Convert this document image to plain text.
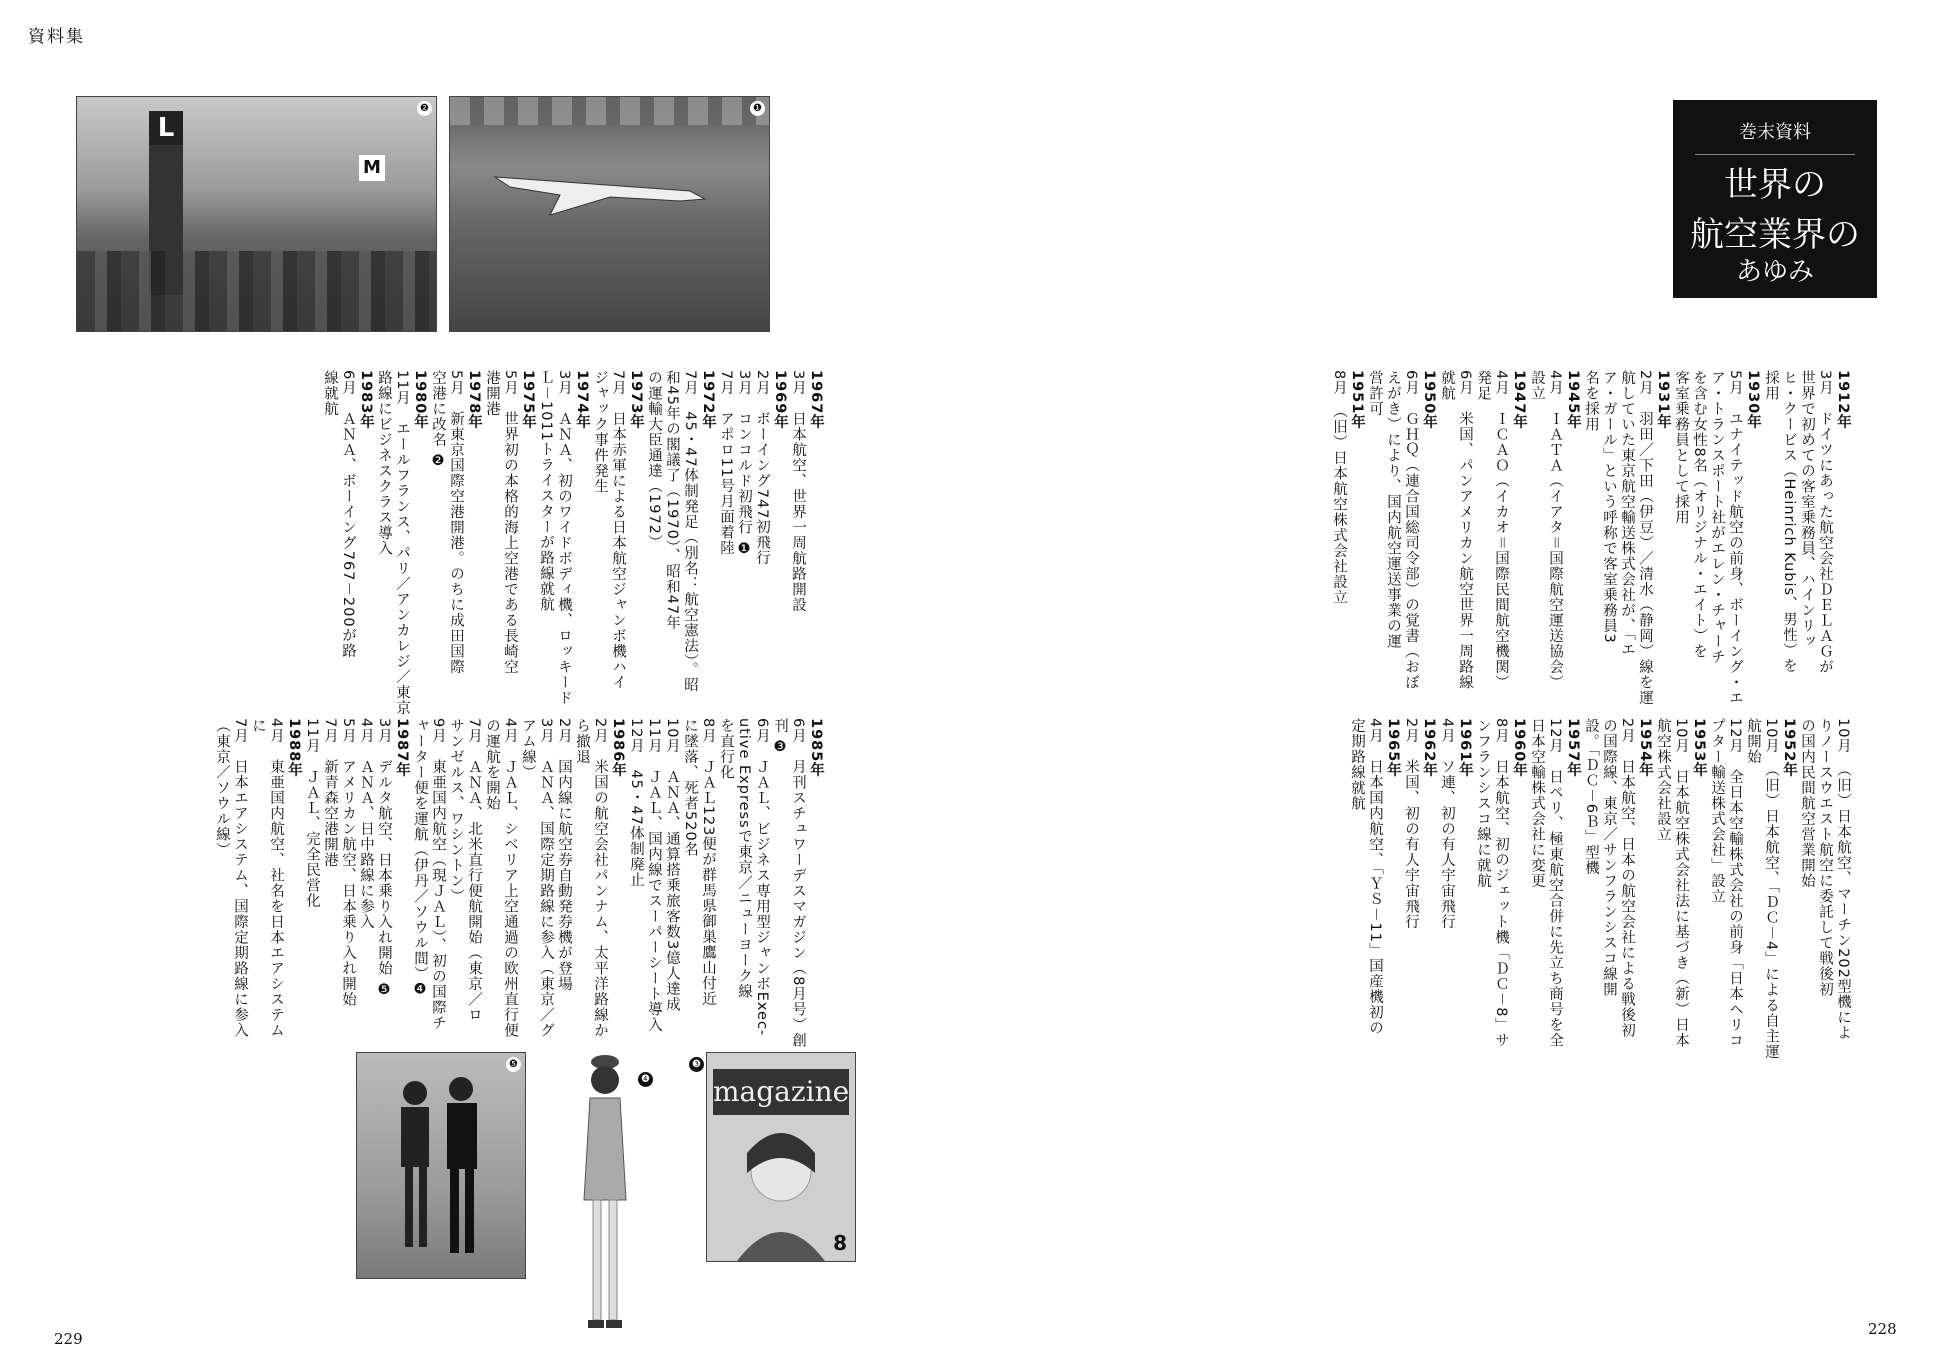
資料集
L
M
❷	❶
巻末資料
世界の
航空業界の
あゆみ

1912年
3月　ドイツにあった航空会社ＤＥＬＡＧが
世界で初めての客室乗務員、ハインリッ
ヒ・クービス（Heinrich Kubis、男性）を
採用
1930年
5月　ユナイテッド航空の前身、ボーイング・エ
ア・トランスポート社がエレン・チャーチ
を含む女性8名（オリジナル・エイト）を
客室乗務員として採用
1931年
2月　羽田／下田（伊豆）／清水（静岡）線を運
航していた東京航空輸送株式会社が、「エ
ア・ガール」という呼称で客室乗務員3
名を採用
1945年
4月　ＩＡＴＡ（イアタ＝国際航空運送協会）
設立
1947年
4月　ＩＣＡＯ（イカオ＝国際民間航空機関）
発足
6月　米国、パンアメリカン航空世界一周路線
就航
1950年
6月　ＧＨＱ（連合国総司令部）の覚書（おぼ
えがき）により、国内航空運送事業の運
営許可
1951年
8月　（旧）日本航空株式会社設立

10月　（旧）日本航空、マーチン202型機によ
りノースウエスト航空に委託して戦後初
の国内民間航空営業開始
1952年
10月　（旧）日本航空、「ＤＣ－4」による自主運
航開始
12月　全日本空輸株式会社の前身「日本ヘリコ
プター輸送株式会社」設立
1953年
10月　日本航空株式会社法に基づき（新）日本
航空株式会社設立
1954年
2月　日本航空、日本の航空会社による戦後初
の国際線、東京／サンフランシスコ線開
設。「ＤＣ－6Ｂ」型機
1957年
12月　日ペリ、極東航空合併に先立ち商号を全
日本空輸株式会社に変更
1960年
8月　日本航空、初のジェット機「ＤＣ－8」サ
ンフランシスコ線に就航
1961年
4月　ソ連、初の有人宇宙飛行
1962年
2月　米国、初の有人宇宙飛行
1965年
4月　日本国内航空、「ＹＳ－11」国産機初の
定期路線就航

1967年
3月　日本航空、世界一周航路開設
1969年
2月　ボーイング747初飛行
3月　コンコルド初飛行 ❶
7月　アポロ11号月面着陸
1972年
7月　45・47体制発足（別名：航空憲法）。昭
和45年の閣議了（1970）、昭和47年
の運輸大臣通達（1972）
1973年
7月　日本赤軍による日本航空ジャンボ機ハイ
ジャック事件発生
1974年
3月　ＡＮＡ、初のワイドボディ機、ロッキード
Ｌ－1011トライスターが路線就航
1975年
5月　世界初の本格的海上空港である長崎空
港開港
1978年
5月　新東京国際空港開港。のちに成田国際
空港に改名 ❷
1980年
11月　エールフランス、パリ／アンカレジ／東京
路線にビジネスクラス導入
1983年
6月　ＡＮＡ、ボーイング767－200が路
線就航

1985年
6月　月刊スチュワーデスマガジン（8月号）創
刊 ❸
6月　ＪＡＬ、ビジネス専用型ジャンボExec-
utive Expressで東京／ニューヨーク線
を直行化
8月　ＪＡＬ123便が群馬県御巣鷹山付近
に墜落、死者520名
10月　ＡＮＡ、通算搭乗旅客数3億人達成
11月　ＪＡＬ、国内線でスーパーシート導入
12月　45・47体制廃止
1986年
2月　米国の航空会社パンナム、太平洋路線か
ら撤退
2月　国内線に航空券自動発券機が登場
3月　ＡＮＡ、国際定期路線に参入（東京／グ
アム線）
4月　ＪＡＬ、シベリア上空通過の欧州直行便
の運航を開始
7月　ＡＮＡ、北米直行便航開始（東京／ロ
サンゼルス、ワシントン）
9月　東亜国内航空（現ＪＡＬ）、初の国際チ
ャーター便を運航（伊丹／ソウル間）❹
1987年
3月　デルタ航空、日本乗り入れ開始 ❺
4月　ＡＮＡ、日中路線に参入
5月　アメリカン航空、日本乗り入れ開始
7月　新青森空港開港
11月　ＪＡＬ、完全民営化
1988年
4月　東亜国内航空、社名を日本エアシステム
に
7月　日本エアシステム、国際定期路線に参入
（東京／ソウル線）

❺
❹ magazine
8
❸
229
228
